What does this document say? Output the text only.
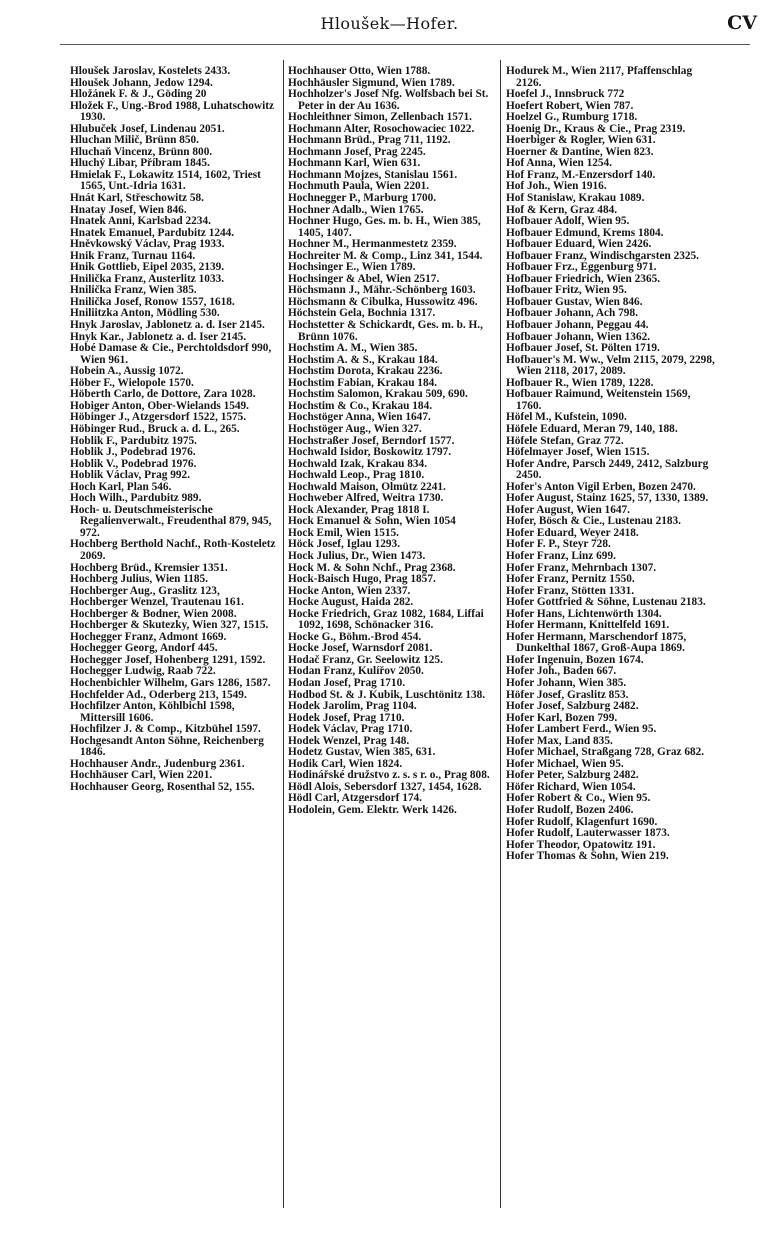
Hloušek—Hofer.	CV
Hloušek Jaroslav, Kostelets 2433.
Hloušek Johann, Jedow 1294.
Hložánek F. & J., Göding 20
Hložek F., Ung.-Brod 1988, Luhatschowitz 1930.
Hlubuček Josef, Lindenau 2051.
Hluchan Milič, Brünn 850.
Hluchaň Vincenz, Brünn 800.
Hluchý Libar, Příbram 1845.
Hmielak F., Lokawitz 1514, 1602, Triest 1565, Unt.-Idria 1631.
Hnát Karl, Střeschowitz 58.
Hnatay Josef, Wien 846.
Hnatek Anni, Karlsbad 2234.
Hnatek Emanuel, Pardubitz 1244.
Hněvkowský Václav, Prag 1933.
Hnik Franz, Turnau 1164.
Hnik Gottlieb, Eipel 2035, 2139.
Hnilička Franz, Austerlitz 1033.
Hnilička Franz, Wien 385.
Hnilička Josef, Ronow 1557, 1618.
Hniliitzka Anton, Mödling 530.
Hnyk Jaroslav, Jablonetz a. d. Iser 2145.
Hnyk Kar., Jablonetz a. d. Iser 2145.
Hobé Damase & Cie., Perchtoldsdorf 990, Wien 961.
Hobein A., Aussig 1072.
Höber F., Wielopole 1570.
Höberth Carlo, de Dottore, Zara 1028.
Hobiger Anton, Ober-Wielands 1549.
Höbinger J., Atzgersdorf 1522, 1575.
Höbinger Rud., Bruck a. d. L., 265.
Hoblik F., Pardubitz 1975.
Hoblik J., Podebrad 1976.
Hoblik V., Podebrad 1976.
Hoblik Václav, Prag 992.
Hoch Karl, Plan 546.
Hoch Wilh., Pardubitz 989.
Hoch- u. Deutschmeisterische Regalienverwalt., Freudenthal 879, 945, 972.
Hochberg Berthold Nachf., Roth-Kosteletz 2069.
Hochberg Brüd., Kremsier 1351.
Hochberg Julius, Wien 1185.
Hochberger Aug., Graslitz 123,
Hochberger Wenzel, Trautenau 161.
Hochberger & Bodner, Wien 2008.
Hochberger & Skutezky, Wien 327, 1515.
Hochegger Franz, Admont 1669.
Hochegger Georg, Andorf 445.
Hochegger Josef, Hohenberg 1291, 1592.
Hochegger Ludwig, Raab 722.
Hochenbichler Wilhelm, Gars 1286, 1587.
Hochfelder Ad., Oderberg 213, 1549.
Hochfilzer Anton, Köhlbichl 1598, Mittersill 1606.
Hochfilzer J. & Comp., Kitzbühel 1597.
Hochgesandt Anton Söhne, Reichenberg 1846.
Hochhauser Andr., Judenburg 2361.
Hochhäuser Carl, Wien 2201.
Hochhauser Georg, Rosenthal 52, 155.
Hochhauser Otto, Wien 1788.
Hochhäusler Sigmund, Wien 1789.
Hochholzer's Josef Nfg. Wolfsbach bei St. Peter in der Au 1636.
Hochleithner Simon, Zellenbach 1571.
Hochmann Alter, Rosochowaciec 1022.
Hochmann Brüd., Prag 711, 1192.
Hochmann Josef, Prag 2245.
Hochmann Karl, Wien 631.
Hochmann Mojzes, Stanislau 1561.
Hochmuth Paula, Wien 2201.
Hochnegger P., Marburg 1700.
Hochner Adalb., Wien 1765.
Hochner Hugo, Ges. m. b. H., Wien 385, 1405, 1407.
Hochner M., Hermanmestetz 2359.
Hochreiter M. & Comp., Linz 341, 1544.
Hochsinger E., Wien 1789.
Hochsinger & Abel, Wien 2517.
Höchsmann J., Mähr.-Schönberg 1603.
Höchsmann & Cibulka, Hussowitz 496.
Höchstein Gela, Bochnia 1317.
Hochstetter & Schickardt, Ges. m. b. H., Brünn 1076.
Hochstim A. M., Wien 385.
Hochstim A. & S., Krakau 184.
Hochstim Dorota, Krakau 2236.
Hochstim Fabian, Krakau 184.
Hochstim Salomon, Krakau 509, 690.
Hochstim & Co., Krakau 184.
Hochstöger Anna, Wien 1647.
Hochstöger Aug., Wien 327.
Hochstraßer Josef, Berndorf 1577.
Hochwald Isidor, Boskowitz 1797.
Hochwald Izak, Krakau 834.
Hochwald Leop., Prag 1810.
Hochwald Maison, Olmütz 2241.
Hochweber Alfred, Weitra 1730.
Hock Alexander, Prag 1818 I.
Hock Emanuel & Sohn, Wien 1054
Hock Emil, Wien 1515.
Höck Josef, Iglau 1293.
Hock Julius, Dr., Wien 1473.
Hock M. & Sohn Nchf., Prag 2368.
Hock-Baisch Hugo, Prag 1857.
Hocke Anton, Wien 2337.
Hocke August, Haida 282.
Hocke Friedrich, Graz 1082, 1684, Liffai 1092, 1698, Schönacker 316.
Hocke G., Böhm.-Brod 454.
Hocke Josef, Warnsdorf 2081.
Hodač Franz, Gr. Seelowitz 125.
Hodan Franz, Kulířov 2050.
Hodan Josef, Prag 1710.
Hodbod St. & J. Kubik, Luschtönitz 138.
Hodek Jarolim, Prag 1104.
Hodek Josef, Prag 1710.
Hodek Václav, Prag 1710.
Hodek Wenzel, Prag 148.
Hodetz Gustav, Wien 385, 631.
Hodik Carl, Wien 1824.
Hodinářské družstvo z. s. s r. o., Prag 808.
Hödl Alois, Sebersdorf 1327, 1454, 1628.
Hödl Carl, Atzgersdorf 174.
Hodolein, Gem. Elektr. Werk 1426.
Hodurek M., Wien 2117, Pfaffenschlag 2126.
Hoefel J., Innsbruck 772
Hoefert Robert, Wien 787.
Hoelzel G., Rumburg 1718.
Hoenig Dr., Kraus & Cie., Prag 2319.
Hoerbiger & Rogler, Wien 631.
Hoerner & Dantine, Wien 823.
Hof Anna, Wien 1254.
Hof Franz, M.-Enzersdorf 140.
Hof Joh., Wien 1916.
Hof Stanislaw, Krakau 1089.
Hof & Kern, Graz 484.
Hofbauer Adolf, Wien 95.
Hofbauer Edmund, Krems 1804.
Hofbauer Eduard, Wien 2426.
Hofbauer Franz, Windischgarsten 2325.
Hofbauer Frz., Eggenburg 971.
Hofbauer Friedrich, Wien 2365.
Hofbauer Fritz, Wien 95.
Hofbauer Gustav, Wien 846.
Hofbauer Johann, Ach 798.
Hofbauer Johann, Peggau 44.
Hofbauer Johann, Wien 1362.
Hofbauer Josef, St. Pölten 1719.
Hofbauer's M. Ww., Velm 2115, 2079, 2298, Wien 2118, 2017, 2089.
Hofbauer R., Wien 1789, 1228.
Hofbauer Raimund, Weitenstein 1569, 1760.
Höfel M., Kufstein, 1090.
Höfele Eduard, Meran 79, 140, 188.
Höfele Stefan, Graz 772.
Höfelmayer Josef, Wien 1515.
Hofer Andre, Parsch 2449, 2412, Salzburg 2450.
Hofer's Anton Vigil Erben, Bozen 2470.
Hofer August, Stainz 1625, 57, 1330, 1389.
Hofer August, Wien 1647.
Hofer, Bösch & Cie., Lustenau 2183.
Hofer Eduard, Weyer 2418.
Hofer F. P., Steyr 728.
Hofer Franz, Linz 699.
Hofer Franz, Mehrnbach 1307.
Hofer Franz, Pernitz 1550.
Hofer Franz, Stötten 1331.
Hofer Gottfried & Söhne, Lustenau 2183.
Hofer Hans, Lichtenwörth 1304.
Hofer Hermann, Knittelfeld 1691.
Hofer Hermann, Marschendorf 1875, Dunkelthal 1867, Groß-Aupa 1869.
Hofer Ingenuin, Bozen 1674.
Hofer Joh., Baden 667.
Hofer Johann, Wien 385.
Höfer Josef, Graslitz 853.
Hofer Josef, Salzburg 2482.
Hofer Karl, Bozen 799.
Hofer Lambert Ferd., Wien 95.
Hofer Max, Land 835.
Hofer Michael, Straßgang 728, Graz 682.
Hofer Michael, Wien 95.
Hofer Peter, Salzburg 2482.
Höfer Richard, Wien 1054.
Hofer Robert & Co., Wien 95.
Hofer Rudolf, Bozen 2406.
Hofer Rudolf, Klagenfurt 1690.
Hofer Rudolf, Lauterwasser 1873.
Hofer Theodor, Opatowitz 191.
Hofer Thomas & Sohn, Wien 219.
